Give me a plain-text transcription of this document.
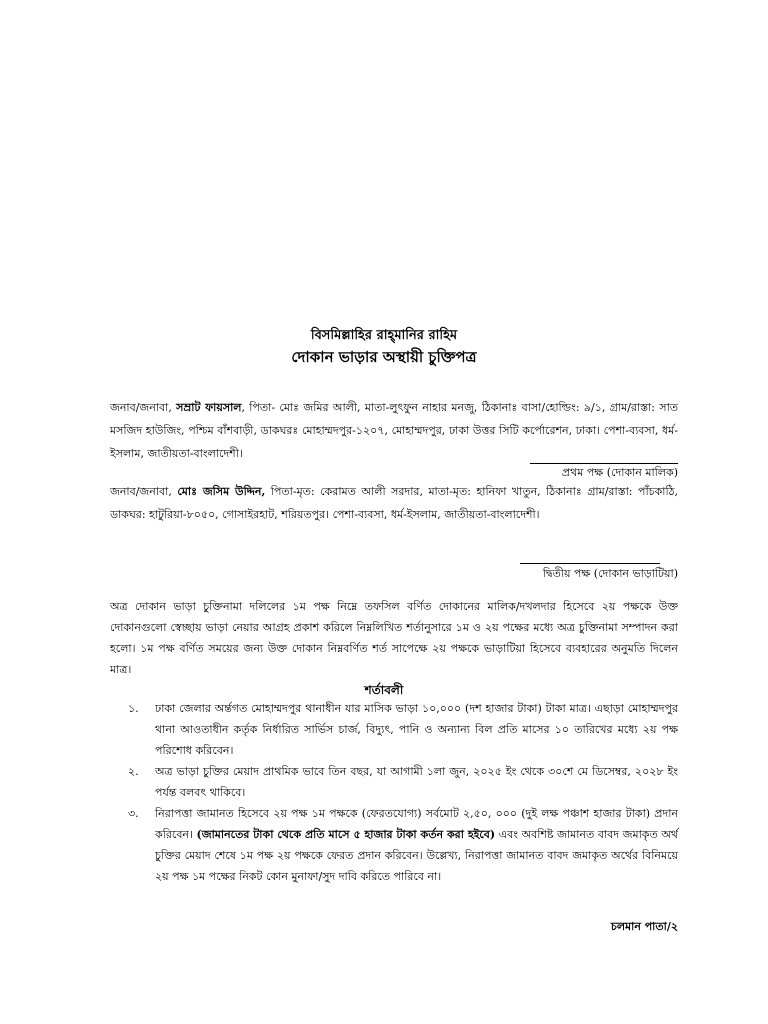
বিসমিল্লাহির রাহ্‌মানির রাহিম
দোকান ভাড়ার অস্থায়ী চুক্তিপত্র
জনাব/জনাবা, সম্রাট ফায়সাল, পিতা- মোঃ জমির আলী, মাতা-লুৎফুন নাহার মনজু, ঠিকানাঃ বাসা/হোল্ডিং: ৯/১, গ্রাম/রাস্তা: সাত মসজিদ হাউজিং, পশ্চিম বাঁশবাড়ী, ডাকঘরঃ মোহাম্মদপুর-১২০৭, মোহাম্মদপুর, ঢাকা উত্তর সিটি কর্পোরেশন, ঢাকা। পেশা-ব্যবসা, ধর্ম-ইসলাম, জাতীয়তা-বাংলাদেশী।
প্রথম পক্ষ (দোকান মালিক)
জনাব/জনাবা, মোঃ জসিম উদ্দিন, পিতা-মৃত: কেরামত আলী সরদার, মাতা-মৃত: হানিফা খাতুন, ঠিকানাঃ গ্রাম/রাস্তা: পাঁচকাঠি, ডাকঘর: হাটুরিয়া-৮০৫০, গোসাইরহাট, শরিয়তপুর। পেশা-ব্যবসা, ধর্ম-ইসলাম, জাতীয়তা-বাংলাদেশী।
দ্বিতীয় পক্ষ (দোকান ভাড়াটিয়া)
অত্র দোকান ভাড়া চুক্তিনামা দলিলের ১ম পক্ষ নিম্নে তফসিল বর্ণিত দোকানের মালিক/দখলদার হিসেবে ২য় পক্ষকে উক্ত দোকানগুলো স্বেচ্ছায় ভাড়া নেয়ার আগ্রহ প্রকাশ করিলে নিম্নলিখিত শর্তানুসারে ১ম ও ২য় পক্ষের মধ্যে অত্র চুক্তিনামা সম্পাদন করা হলো। ১ম পক্ষ বর্ণিত সময়ের জন্য উক্ত দোকান নিম্নবর্ণিত শর্ত সাপেক্ষে ২য় পক্ষকে ভাড়াটিয়া হিসেবে ব্যবহারের অনুমতি দিলেন মাত্র।
শর্তাবলী
১. ঢাকা জেলার অর্ন্তগত মোহাম্মদপুর থানাধীন যার মাসিক ভাড়া ১০,০০০ (দশ হাজার টাকা) টাকা মাত্র। এছাড়া মোহাম্মদপুর থানা আওতাধীন কর্তৃক নির্ধারিত সার্ভিস চার্জ, বিদ্যুৎ, পানি ও অন্যান্য বিল প্রতি মাসের ১০ তারিখের মধ্যে ২য় পক্ষ পরিশোধ করিবেন।
২. অত্র ভাড়া চুক্তির মেয়াদ প্রাথমিক ভাবে তিন বছর, যা আগামী ১লা জুন, ২০২৫ ইং থেকে ৩০শে মে ডিসেম্বর, ২০২৮ ইং পর্যন্ত বলবৎ থাকিবে।
৩. নিরাপত্তা জামানত হিসেবে ২য় পক্ষ ১ম পক্ষকে (ফেরতযোগ্য) সর্বমোট ২,৫০, ০০০ (দুই লক্ষ পঞ্চাশ হাজার টাকা) প্রদান করিবেন। (জামানতের টাকা থেকে প্রতি মাসে ৫ হাজার টাকা কর্তন করা হইবে) এবং অবশিষ্ট জামানত বাবদ জমাকৃত অর্থ চুক্তির মেয়াদ শেষে ১ম পক্ষ ২য় পক্ষকে ফেরত প্রদান করিবেন। উল্লেখ্য, নিরাপত্তা জামানত বাবদ জমাকৃত অর্থের বিনিময়ে ২য় পক্ষ ১ম পক্ষের নিকট কোন মুনাফা/সুদ দাবি করিতে পারিবে না।
চলমান পাতা/২
